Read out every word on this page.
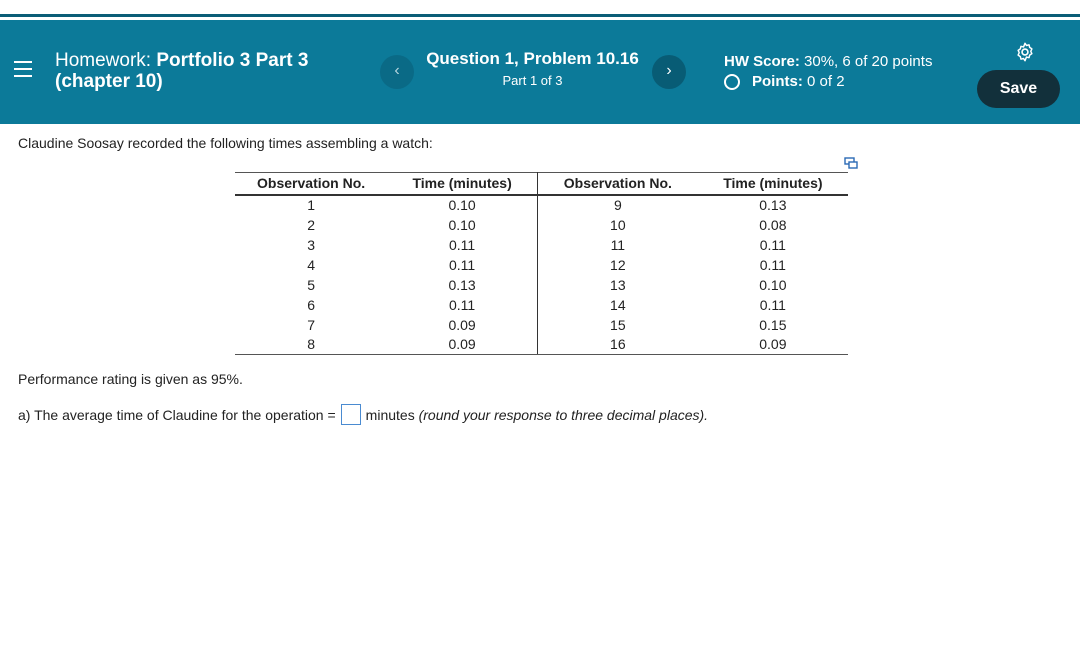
Homework: Portfolio 3 Part 3 (chapter 10)
‹
Question 1, Problem 10.16
Part 1 of 3
›
HW Score: 30%, 6 of 20 points
Points:
0 of 2	Save
Claudine Soosay recorded the following times assembling a watch:
Observation No.	Time (minutes)	Observation No.	Time (minutes)
1	0.10	9	0.13
2	0.10	10	0.08
3	0.11	11	0.11
4	0.11	12	0.11
5	0.13	13	0.10
6	0.11	14	0.11
7	0.09	15	0.15
8	0.09	16	0.09
Performance rating is given as 95%.
a) The average time of Claudine for the operation = minutes
(round your response to three decimal places).
